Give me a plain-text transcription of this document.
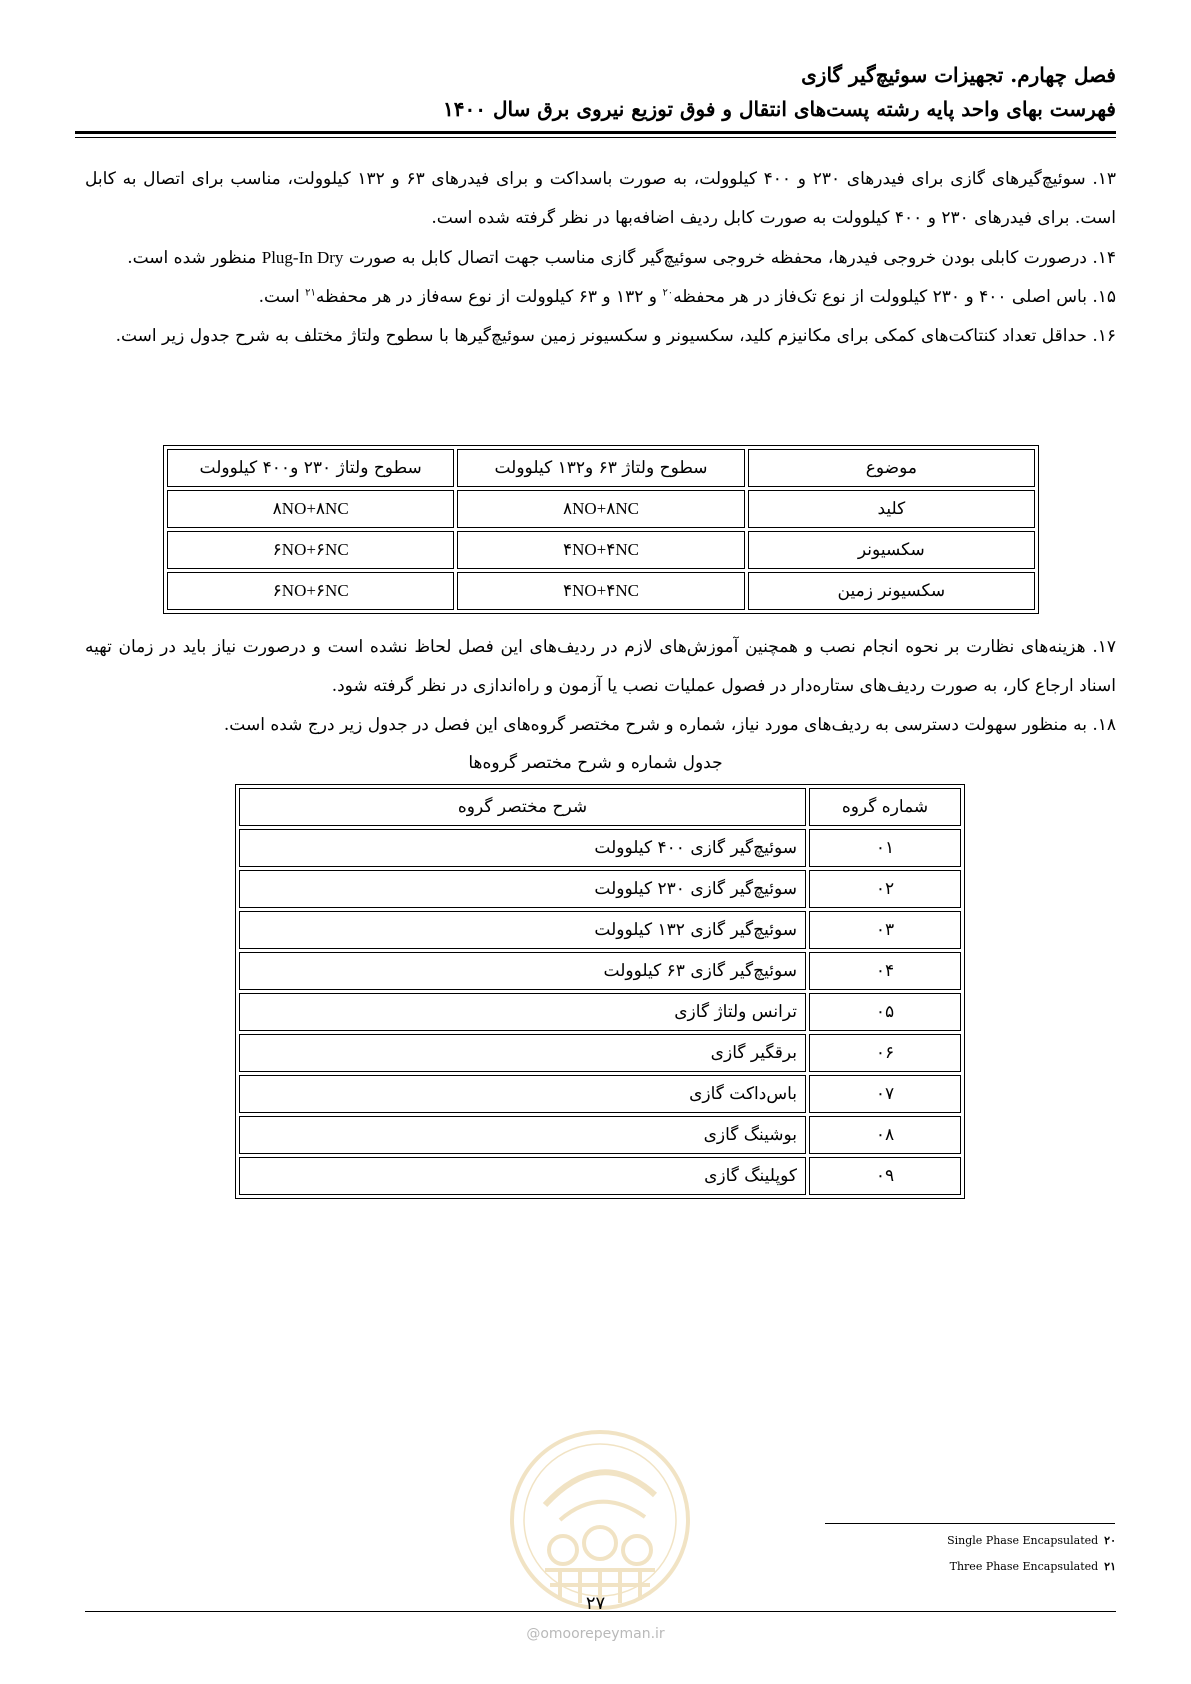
فصل چهارم. تجهیزات سوئیچ‌گیر گازی
فهرست بهای واحد پایه رشته پست‌های انتقال و فوق توزیع نیروی برق سال ۱۴۰۰

۱۳. سوئیچ‌گیرهای گازی برای فیدرهای ۲۳۰ و ۴۰۰ کیلوولت، به صورت باسداکت و برای فیدرهای ۶۳ و ۱۳۲ کیلوولت، مناسب برای اتصال به کابل است. برای فیدرهای ۲۳۰ و ۴۰۰ کیلوولت به صورت کابل ردیف اضافه‌بها در نظر گرفته شده است.

۱۴. درصورت کابلی بودن خروجی فیدرها، محفظه خروجی سوئیچ‌گیر گازی مناسب جهت اتصال کابل به صورت Plug-In Dry منظور شده است.

۱۵. باس اصلی ۴۰۰ و ۲۳۰ کیلوولت از نوع تک‌فاز در هر محفظه$^{۲۰}$ و ۱۳۲ و ۶۳ کیلوولت از نوع سه‌فاز در هر محفظه$^{۲۱}$ است.

۱۶. حداقل تعداد کنتاکت‌های کمکی برای مکانیزم کلید، سکسیونر و سکسیونر زمین سوئیچ‌گیرها با سطوح ولتاژ مختلف به شرح جدول زیر است.

موضوع	سطوح ولتاژ ۶۳ و۱۳۲ کیلوولت	سطوح ولتاژ ۲۳۰ و۴۰۰ کیلوولت
کلید	۸NO+۸NC	۸NO+۸NC
سکسیونر	۴NO+۴NC	۶NO+۶NC
سکسیونر زمین	۴NO+۴NC	۶NO+۶NC

۱۷. هزینه‌های نظارت بر نحوه انجام نصب و همچنین آموزش‌های لازم در ردیف‌های این فصل لحاظ نشده است و درصورت نیاز باید در زمان تهیه اسناد ارجاع کار، به صورت ردیف‌های ستاره‌دار در فصول عملیات نصب یا آزمون و راه‌اندازی در نظر گرفته شود.

۱۸. به منظور سهولت دسترسی به ردیف‌های مورد نیاز، شماره و شرح مختصر گروه‌های این فصل در جدول زیر درج شده است.

جدول شماره و شرح مختصر گروه‌ها
شماره گروه	شرح مختصر گروه
۰۱	سوئیچ‌گیر گازی ۴۰۰ کیلوولت
۰۲	سوئیچ‌گیر گازی ۲۳۰ کیلوولت
۰۳	سوئیچ‌گیر گازی ۱۳۲ کیلوولت
۰۴	سوئیچ‌گیر گازی ۶۳ کیلوولت
۰۵	ترانس ولتاژ گازی
۰۶	برقگیر گازی
۰۷	باس‌داکت گازی
۰۸	بوشینگ گازی
۰۹	کوپلینگ گازی
Single Phase Encapsulated ۲۰
Three Phase Encapsulated ۲۱
۲۷
@omoorepeyman.ir
